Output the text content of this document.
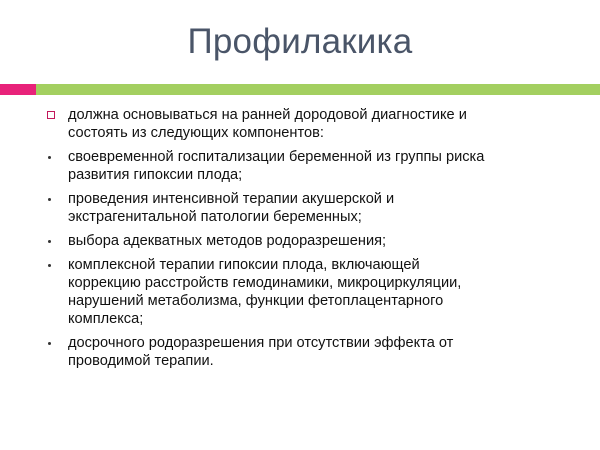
Профилакика
должна основываться на ранней дородовой диагностике и
состоять из следующих компонентов:
своевременной госпитализации беременной из группы риска
развития гипоксии плода;
проведения интенсивной терапии акушерской и
экстрагенитальной патологии беременных;
выбора адекватных методов родоразрешения;
комплексной терапии гипоксии плода, включающей
коррекцию расстройств гемодинамики, микроциркуляции,
нарушений метаболизма, функции фетоплацентарного
комплекса;
досрочного родоразрешения при отсутствии эффекта от
проводимой терапии.
